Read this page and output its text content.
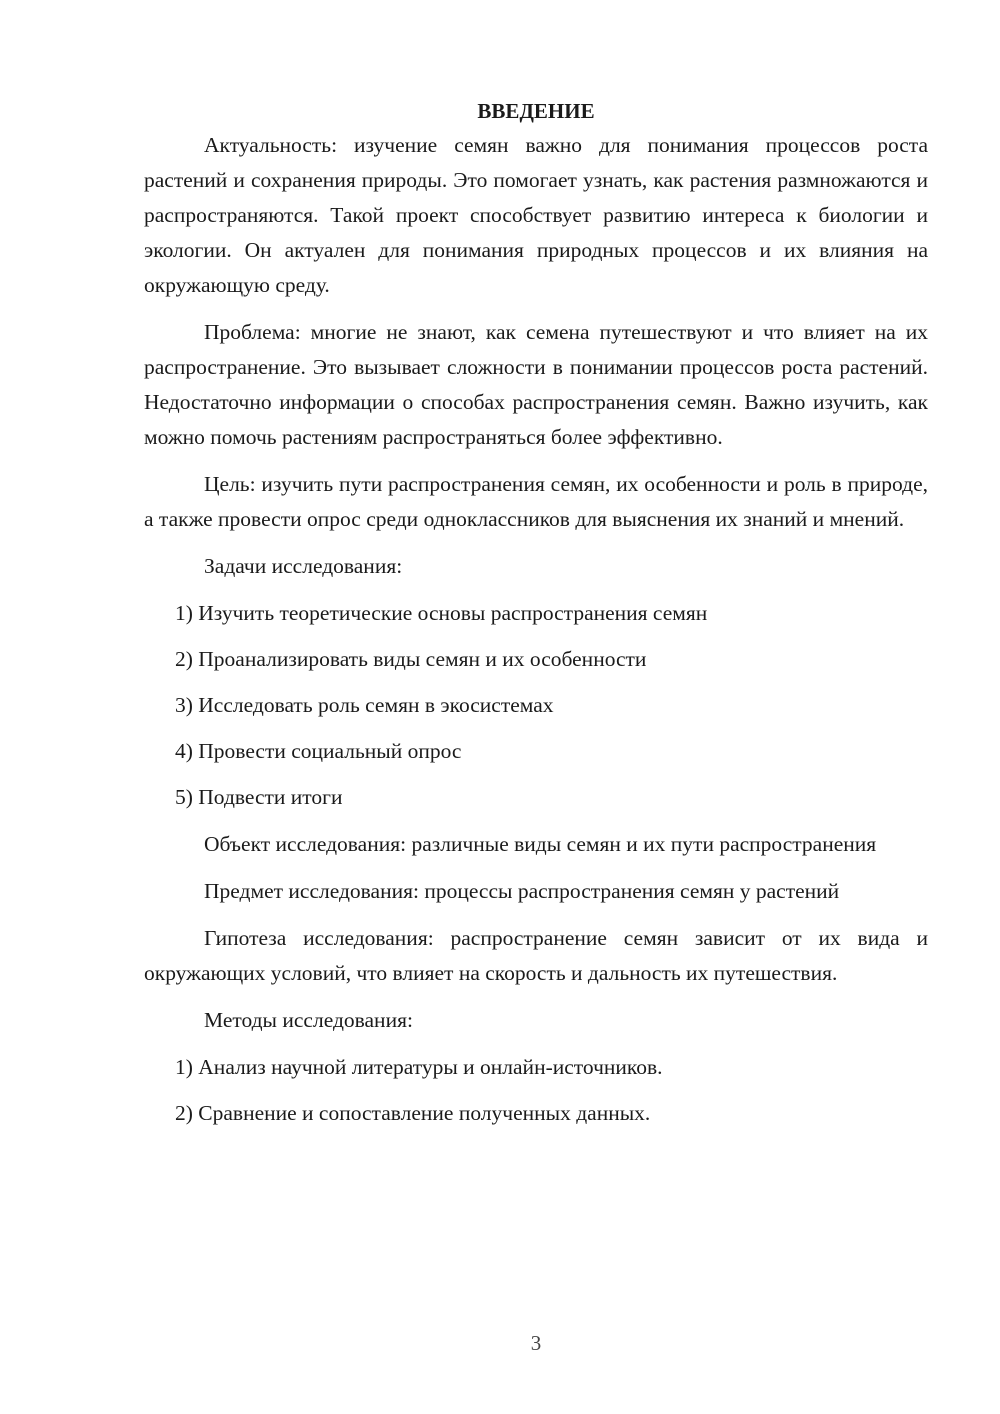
ВВЕДЕНИЕ

Актуальность: изучение семян важно для понимания процессов роста растений и сохранения природы. Это помогает узнать, как растения размножаются и распространяются. Такой проект способствует развитию интереса к биологии и экологии. Он актуален для понимания природных процессов и их влияния на окружающую среду.

Проблема: многие не знают, как семена путешествуют и что влияет на их распространение. Это вызывает сложности в понимании процессов роста растений. Недостаточно информации о способах распространения семян. Важно изучить, как можно помочь растениям распространяться более эффективно.

Цель: изучить пути распространения семян, их особенности и роль в природе, а также провести опрос среди одноклассников для выяснения их знаний и мнений.

Задачи исследования:

1) Изучить теоретические основы распространения семян
2) Проанализировать виды семян и их особенности
3) Исследовать роль семян в экосистемах
4) Провести социальный опрос
5) Подвести итоги

Объект исследования: различные виды семян и их пути распространения

Предмет исследования: процессы распространения семян у растений

Гипотеза исследования: распространение семян зависит от их вида и окружающих условий, что влияет на скорость и дальность их путешествия.

Методы исследования:

1) Анализ научной литературы и онлайн-источников.
2) Сравнение и сопоставление полученных данных.
3
